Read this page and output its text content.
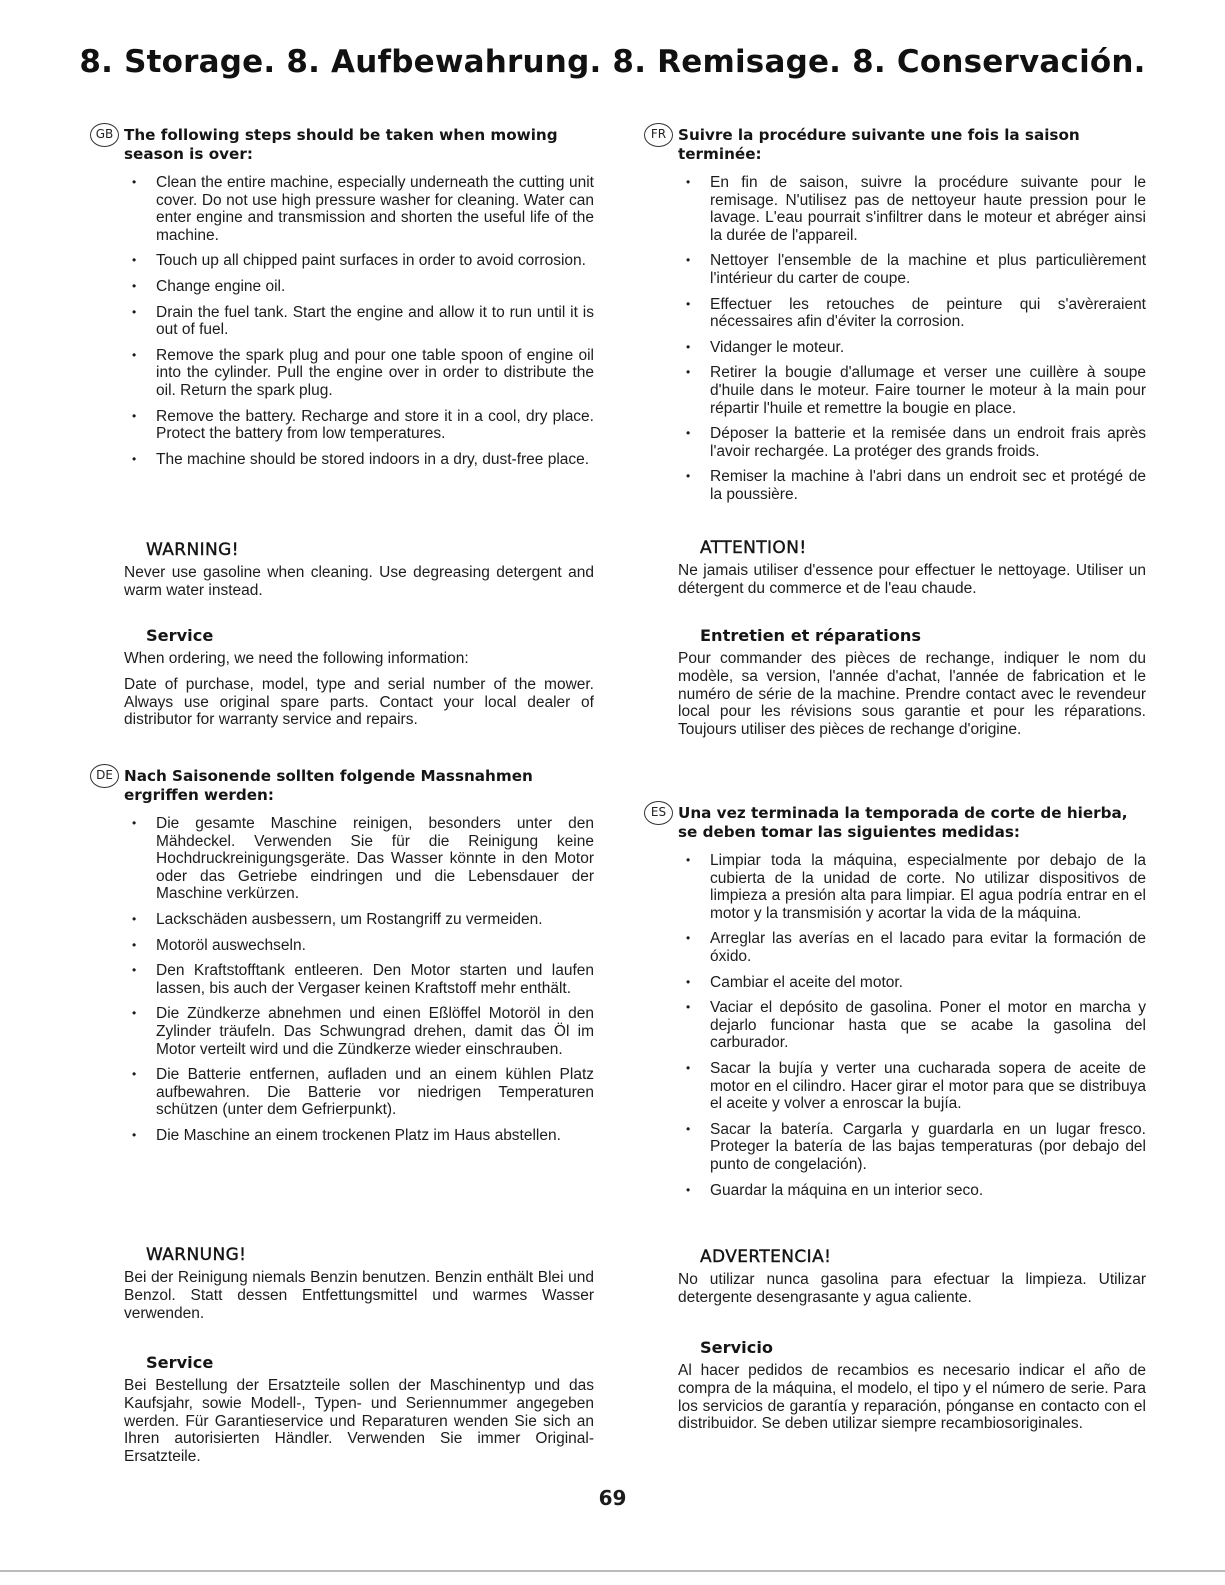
8. Storage. 8. Aufbewahrung. 8. Remisage. 8. Conservación.
GB The following steps should be taken when mowing season is over:
• Clean the entire machine, especially underneath the cutting unit cover. Do not use high pressure washer for cleaning. Water can enter engine and transmission and shorten the useful life of the machine.
• Touch up all chipped paint surfaces in order to avoid corrosion.
• Change engine oil.
• Drain the fuel tank. Start the engine and allow it to run until it is out of fuel.
• Remove the spark plug and pour one table spoon of engine oil into the cylinder. Pull the engine over in order to distribute the oil. Return the spark plug.
• Remove the battery. Recharge and store it in a cool, dry place. Protect the battery from low temperatures.
• The machine should be stored indoors in a dry, dust-free place.
WARNING!

Never use gasoline when cleaning. Use degreasing detergent and warm water instead.

Service

When ordering, we need the following information:

Date of purchase, model, type and serial number of the mower. Always use original spare parts. Contact your local dealer of distributor for warranty service and repairs.

DE Nach Saisonende sollten folgende Massnahmen ergriffen werden:
• Die gesamte Maschine reinigen, besonders unter den Mähdeckel. Verwenden Sie für die Reinigung keine Hochdruckreinigungsgeräte. Das Wasser könnte in den Motor oder das Getriebe eindringen und die Lebensdauer der Maschine verkürzen.
• Lackschäden ausbessern, um Rostangriff zu vermeiden.
• Motoröl auswechseln.
• Den Kraftstofftank entleeren. Den Motor starten und laufen lassen, bis auch der Vergaser keinen Kraftstoff mehr enthält.
• Die Zündkerze abnehmen und einen Eßlöffel Motoröl in den Zylinder träufeln. Das Schwungrad drehen, damit das Öl im Motor verteilt wird und die Zündkerze wieder einschrauben.
• Die Batterie entfernen, aufladen und an einem kühlen Platz aufbewahren. Die Batterie vor niedrigen Temperaturen schützen (unter dem Gefrierpunkt).
• Die Maschine an einem trockenen Platz im Haus abstellen.
WARNUNG!

Bei der Reinigung niemals Benzin benutzen. Benzin enthält Blei und Benzol. Statt dessen Entfettungsmittel und warmes Wasser verwenden.

Service

Bei Bestellung der Ersatzteile sollen der Maschinentyp und das Kaufsjahr, sowie Modell-, Typen- und Seriennummer angegeben werden. Für Garantieservice und Reparaturen wenden Sie sich an Ihren autorisierten Händler. Verwenden Sie immer Original-Ersatzteile.

FR Suivre la procédure suivante une fois la saison terminée:
• En fin de saison, suivre la procédure suivante pour le remisage. N'utilisez pas de nettoyeur haute pression pour le lavage. L'eau pourrait s'infiltrer dans le moteur et abréger ainsi la durée de l'appareil.
• Nettoyer l'ensemble de la machine et plus particulièrement l'intérieur du carter de coupe.
• Effectuer les retouches de peinture qui s'avèreraient nécessaires afin d'éviter la corrosion.
• Vidanger le moteur.
• Retirer la bougie d'allumage et verser une cuillère à soupe d'huile dans le moteur. Faire tourner le moteur à la main pour répartir l'huile et remettre la bougie en place.
• Déposer la batterie et la remisée dans un endroit frais après l'avoir rechargée. La protéger des grands froids.
• Remiser la machine à l'abri dans un endroit sec et protégé de la poussière.
ATTENTION!

Ne jamais utiliser d'essence pour effectuer le nettoyage. Utiliser un détergent du commerce et de l'eau chaude.

Entretien et réparations

Pour commander des pièces de rechange, indiquer le nom du modèle, sa version, l'année d'achat, l'année de fabrication et le numéro de série de la machine. Prendre contact avec le revendeur local pour les révisions sous garantie et pour les réparations. Toujours utiliser des pièces de rechange d'origine.

ES Una vez terminada la temporada de corte de hierba, se deben tomar las siguientes medidas:
• Limpiar toda la máquina, especialmente por debajo de la cubierta de la unidad de corte. No utilizar dispositivos de limpieza a presión alta para limpiar. El agua podría entrar en el motor y la transmisión y acortar la vida de la máquina.
• Arreglar las averías en el lacado para evitar la formación de óxido.
• Cambiar el aceite del motor.
• Vaciar el depósito de gasolina. Poner el motor en marcha y dejarlo funcionar hasta que se acabe la gasolina del carburador.
• Sacar la bujía y verter una cucharada sopera de aceite de motor en el cilindro. Hacer girar el motor para que se distribuya el aceite y volver a enroscar la bujía.
• Sacar la batería. Cargarla y guardarla en un lugar fresco. Proteger la batería de las bajas temperaturas (por debajo del punto de congelación).
• Guardar la máquina en un interior seco.
ADVERTENCIA!

No utilizar nunca gasolina para efectuar la limpieza. Utilizar detergente desengrasante y agua caliente.

Servicio

Al hacer pedidos de recambios es necesario indicar el año de compra de la máquina, el modelo, el tipo y el número de serie. Para los servicios de garantía y reparación, pónganse en contacto con el distribuidor. Se deben utilizar siempre recambiosoriginales.

69
